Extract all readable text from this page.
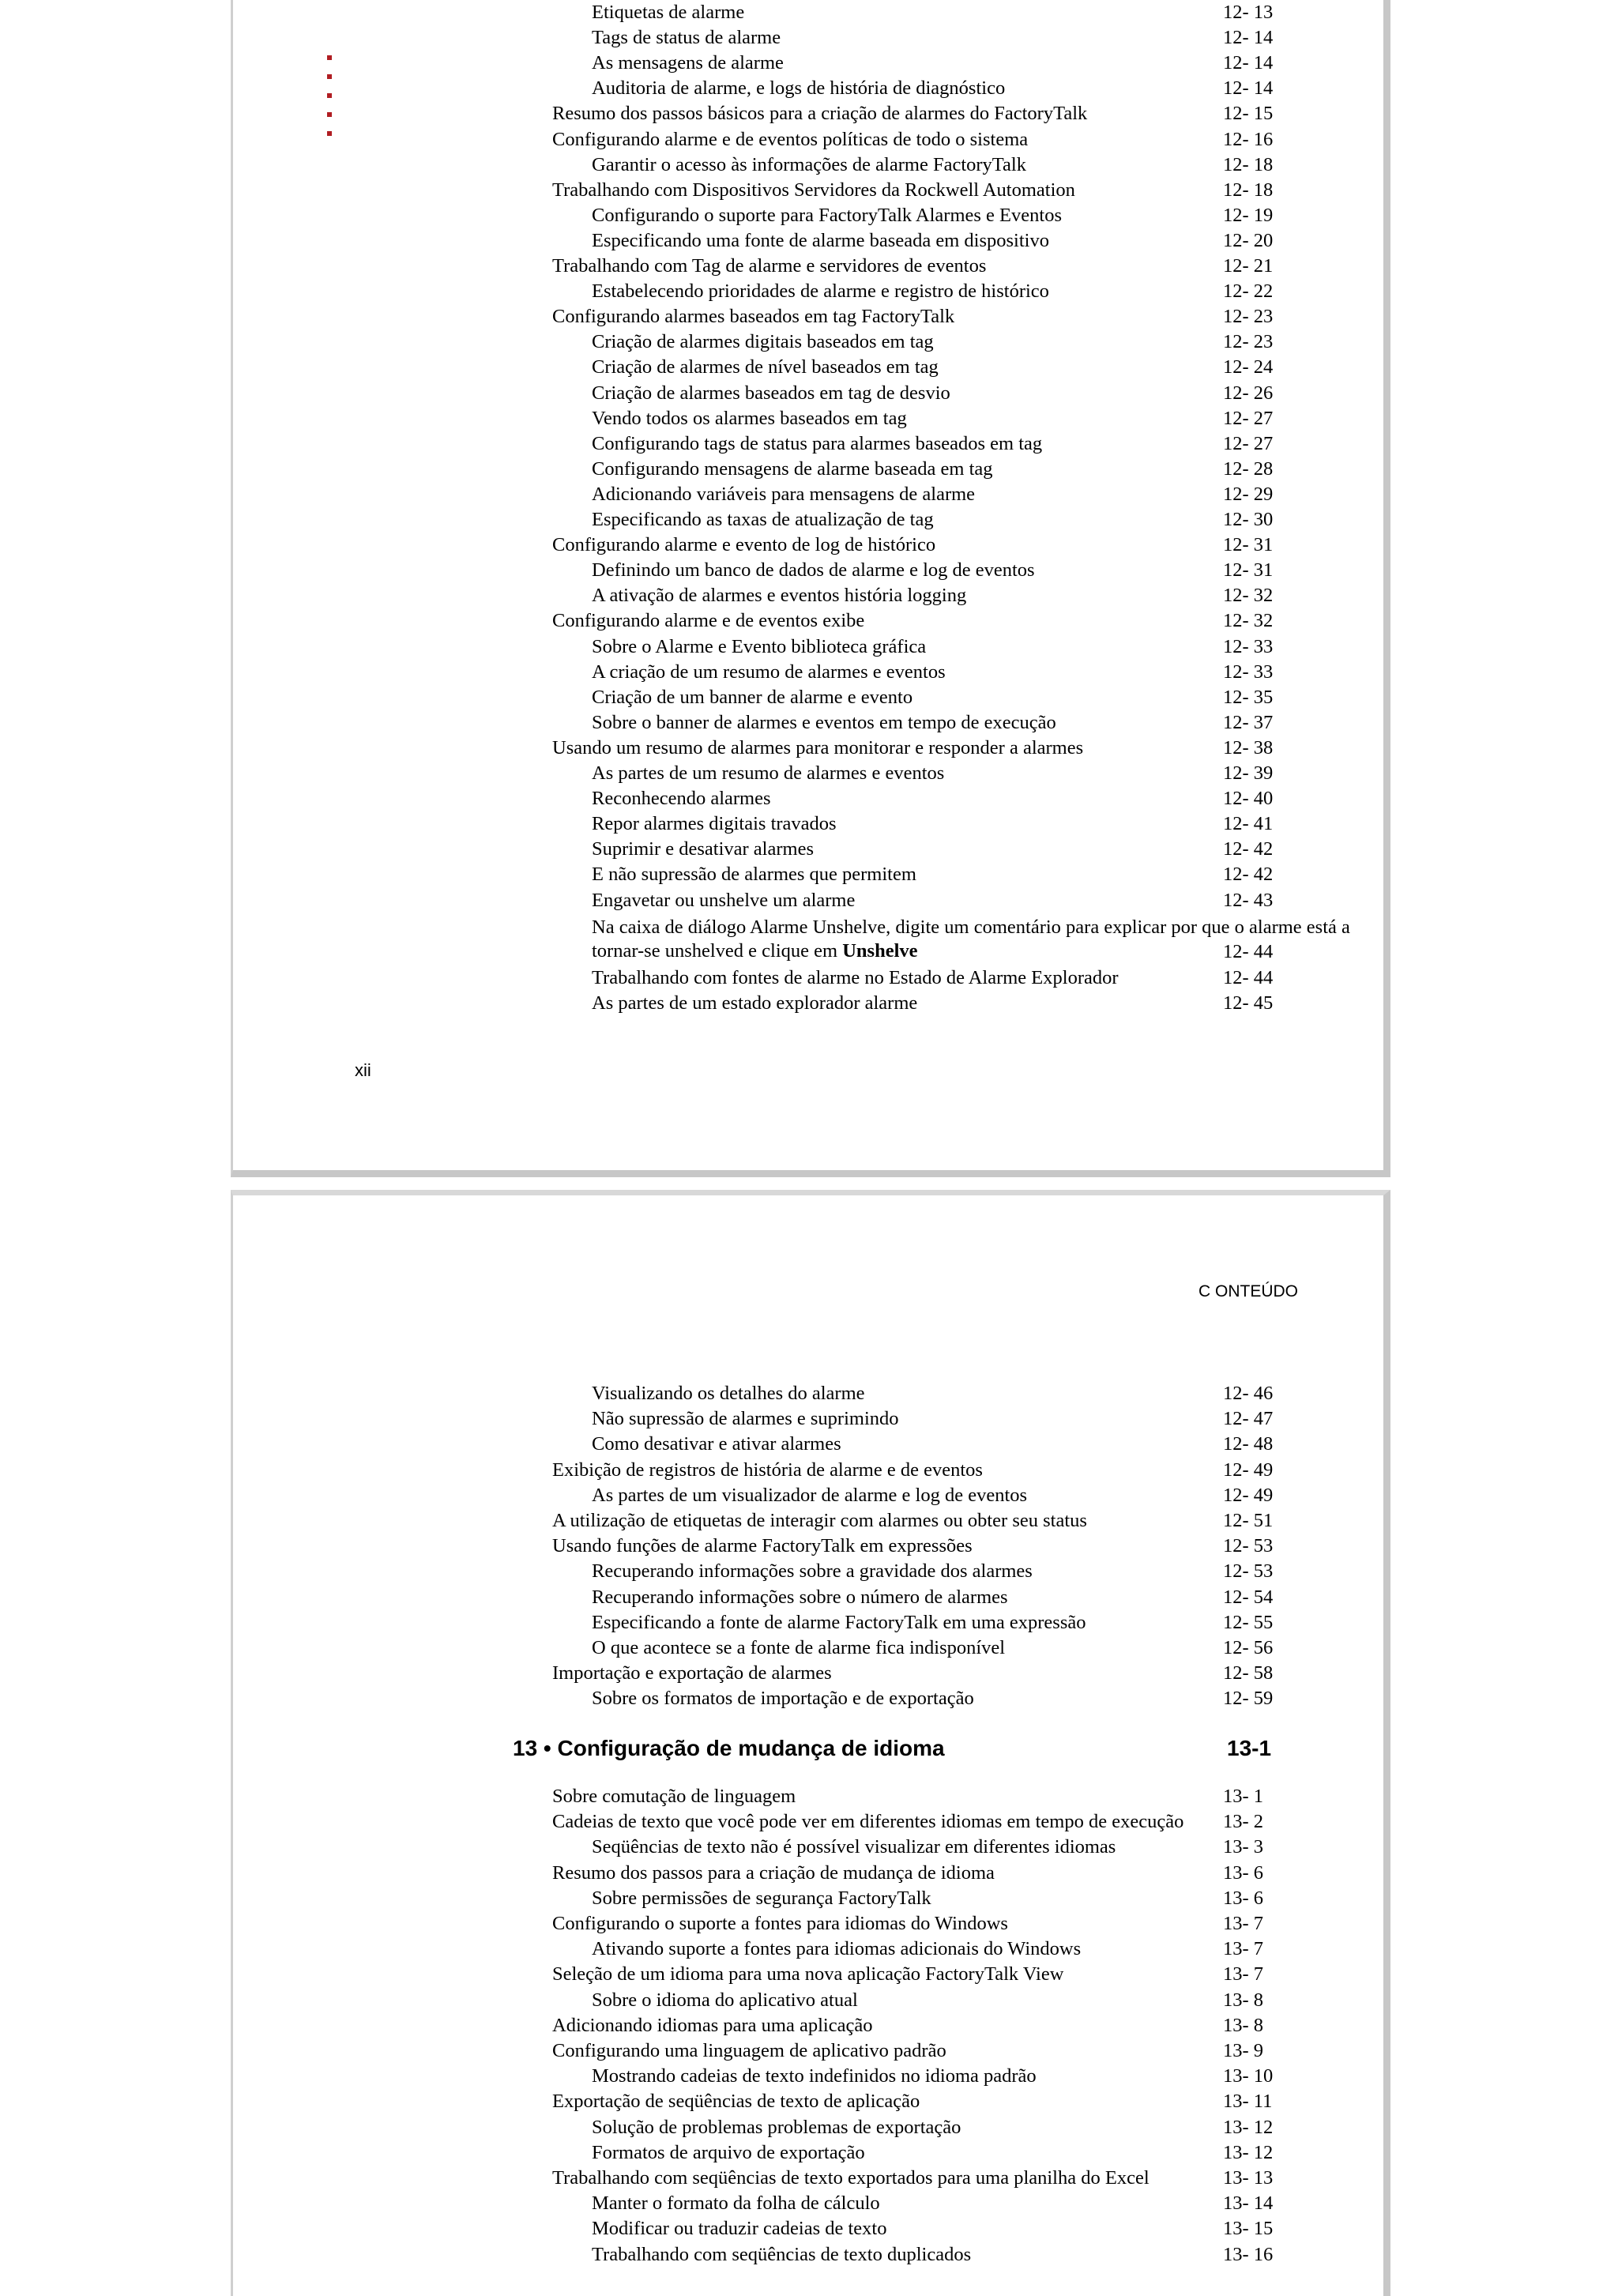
Etiquetas de alarme	12- 13
Tags de status de alarme	12- 14
As mensagens de alarme	12- 14
Auditoria de alarme, e logs de história de diagnóstico	12- 14
Resumo dos passos básicos para a criação de alarmes do FactoryTalk	12- 15
Configurando alarme e de eventos políticas de todo o sistema	12- 16
Garantir o acesso às informações de alarme FactoryTalk	12- 18
Trabalhando com Dispositivos Servidores da Rockwell Automation	12- 18
Configurando o suporte para FactoryTalk Alarmes e Eventos	12- 19
Especificando uma fonte de alarme baseada em dispositivo	12- 20
Trabalhando com Tag de alarme e servidores de eventos	12- 21
Estabelecendo prioridades de alarme e registro de histórico	12- 22
Configurando alarmes baseados em tag FactoryTalk	12- 23
Criação de alarmes digitais baseados em tag	12- 23
Criação de alarmes de nível baseados em tag	12- 24
Criação de alarmes baseados em tag de desvio	12- 26
Vendo todos os alarmes baseados em tag	12- 27
Configurando tags de status para alarmes baseados em tag	12- 27
Configurando mensagens de alarme baseada em tag	12- 28
Adicionando variáveis para mensagens de alarme	12- 29
Especificando as taxas de atualização de tag	12- 30
Configurando alarme e evento de log de histórico	12- 31
Definindo um banco de dados de alarme e log de eventos	12- 31
A ativação de alarmes e eventos história logging	12- 32
Configurando alarme e de eventos exibe	12- 32
Sobre o Alarme e Evento biblioteca gráfica	12- 33
A criação de um resumo de alarmes e eventos	12- 33
Criação de um banner de alarme e evento	12- 35
Sobre o banner de alarmes e eventos em tempo de execução	12- 37
Usando um resumo de alarmes para monitorar e responder a alarmes	12- 38
As partes de um resumo de alarmes e eventos	12- 39
Reconhecendo alarmes	12- 40
Repor alarmes digitais travados	12- 41
Suprimir e desativar alarmes	12- 42
E não supressão de alarmes que permitem	12- 42
Engavetar ou unshelve um alarme	12- 43
Na caixa de diálogo Alarme Unshelve, digite um comentário para explicar por que o alarme está a tornar-se unshelved e clique em Unshelve	12- 44
Trabalhando com fontes de alarme no Estado de Alarme Explorador	12- 44
As partes de um estado explorador alarme	12- 45
xii
C ONTEÚDO
Visualizando os detalhes do alarme	12- 46
Não supressão de alarmes e suprimindo	12- 47
Como desativar e ativar alarmes	12- 48
Exibição de registros de história de alarme e de eventos	12- 49
As partes de um visualizador de alarme e log de eventos	12- 49
A utilização de etiquetas de interagir com alarmes ou obter seu status	12- 51
Usando funções de alarme FactoryTalk em expressões	12- 53
Recuperando informações sobre a gravidade dos alarmes	12- 53
Recuperando informações sobre o número de alarmes	12- 54
Especificando a fonte de alarme FactoryTalk em uma expressão	12- 55
O que acontece se a fonte de alarme fica indisponível	12- 56
Importação e exportação de alarmes	12- 58
Sobre os formatos de importação e de exportação	12- 59
13 • Configuração de mudança de idioma	13-1
Sobre comutação de linguagem	13- 1
Cadeias de texto que você pode ver em diferentes idiomas em tempo de execução 13- 2
Seqüências de texto não é possível visualizar em diferentes idiomas	13- 3
Resumo dos passos para a criação de mudança de idioma	13- 6
Sobre permissões de segurança FactoryTalk	13- 6
Configurando o suporte a fontes para idiomas do Windows	13- 7
Ativando suporte a fontes para idiomas adicionais do Windows	13- 7
Seleção de um idioma para uma nova aplicação FactoryTalk View	13- 7
Sobre o idioma do aplicativo atual	13- 8
Adicionando idiomas para uma aplicação	13- 8
Configurando uma linguagem de aplicativo padrão	13- 9
Mostrando cadeias de texto indefinidos no idioma padrão	13- 10
Exportação de seqüências de texto de aplicação	13- 11
Solução de problemas problemas de exportação	13- 12
Formatos de arquivo de exportação	13- 12
Trabalhando com seqüências de texto exportados para uma planilha do Excel	13- 13
Manter o formato da folha de cálculo	13- 14
Modificar ou traduzir cadeias de texto	13- 15
Trabalhando com seqüências de texto duplicados	13- 16
